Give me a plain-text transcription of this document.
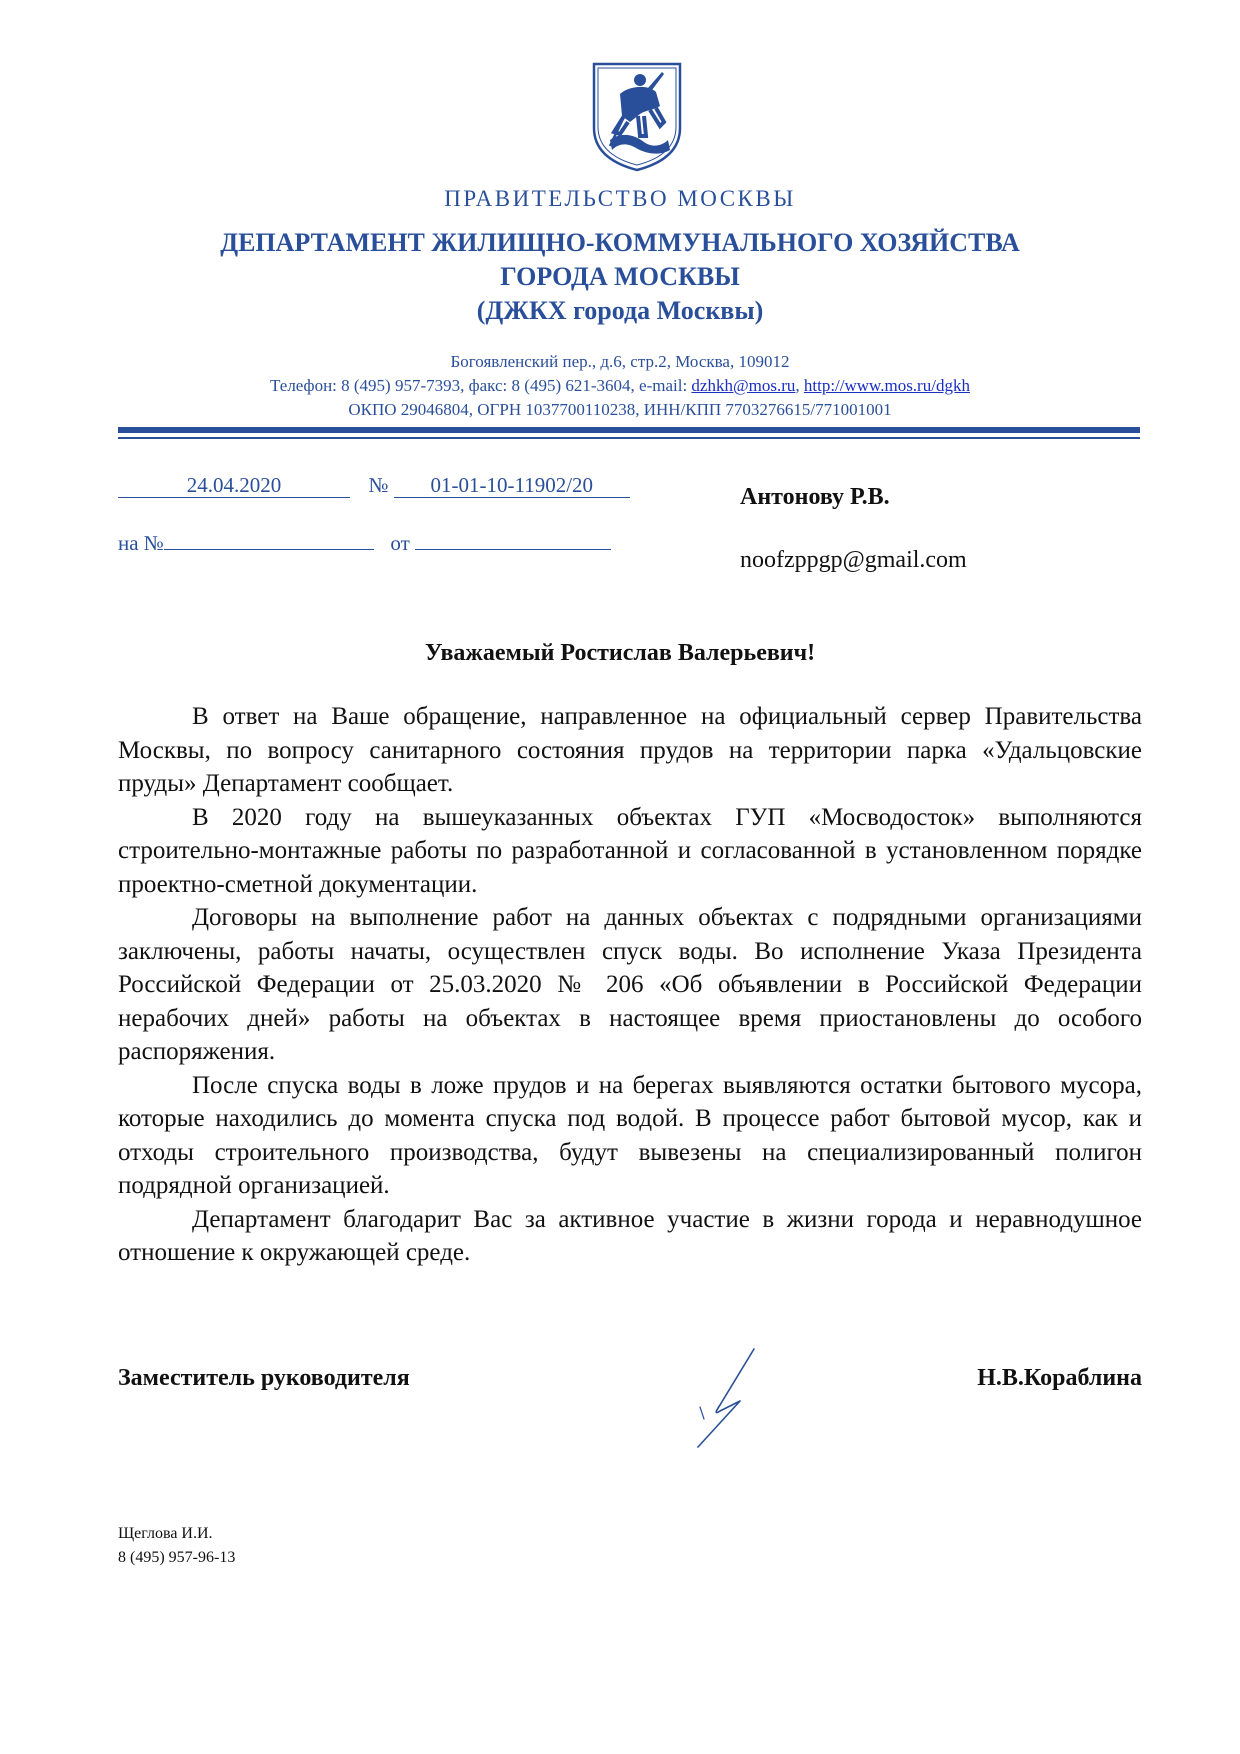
ПРАВИТЕЛЬСТВО МОСКВЫ
ДЕПАРТАМЕНТ ЖИЛИЩНО-КОММУНАЛЬНОГО ХОЗЯЙСТВА
ГОРОДА МОСКВЫ
(ДЖКХ города Москвы)
Богоявленский пер., д.6, стр.2, Москва, 109012
Телефон: 8 (495) 957-7393, факс: 8 (495) 621-3604, e-mail: dzhkh@mos.ru, http://www.mos.ru/dgkh
ОКПО 29046804, ОГРН 1037700110238, ИНН/КПП 7703276615/771001001
24.04.2020	№ 01-01-10-11902/20
на №	от
Антонову Р.В.
noofzppgp@gmail.com
Уважаемый Ростислав Валерьевич!

В ответ на Ваше обращение, направленное на официальный сервер Правительства Москвы, по вопросу санитарного состояния прудов на территории парка «Удальцовские пруды» Департамент сообщает.

В 2020 году на вышеуказанных объектах ГУП «Мосводосток» выполняются строительно-монтажные работы по разработанной и согласованной в установленном порядке проектно-сметной документации.

Договоры на выполнение работ на данных объектах с подрядными организациями заключены, работы начаты, осуществлен спуск воды. Во исполнение Указа Президента Российской Федерации от 25.03.2020 № 206 «Об объявлении в Российской Федерации нерабочих дней» работы на объектах в настоящее время приостановлены до особого распоряжения.

После спуска воды в ложе прудов и на берегах выявляются остатки бытового мусора, которые находились до момента спуска под водой. В процессе работ бытовой мусор, как и отходы строительного производства, будут вывезены на специализированный полигон подрядной организацией.

Департамент благодарит Вас за активное участие в жизни города и неравнодушное отношение к окружающей среде.

Заместитель руководителя	Н.В.Кораблина
Щеглова И.И.
8 (495) 957-96-13
